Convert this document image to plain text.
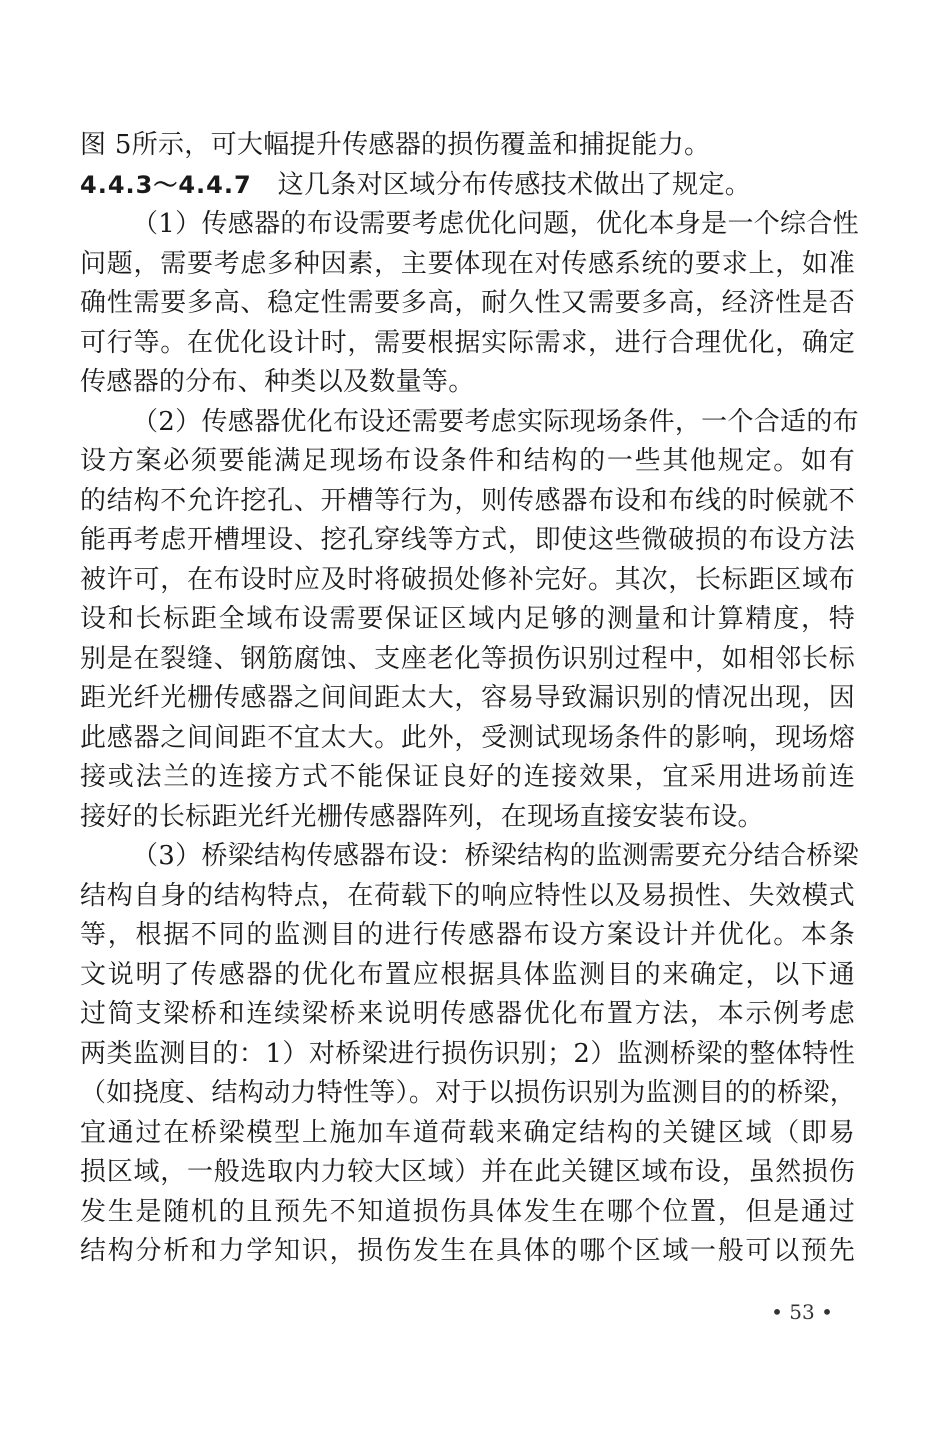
图 5所示，可大幅提升传感器的损伤覆盖和捕捉能力。
4.4.3～4.4.7 这几条对区域分布传感技术做出了规定。
（1）传感器的布设需要考虑优化问题，优化本身是一个综合性
问题，需要考虑多种因素，主要体现在对传感系统的要求上，如准
确性需要多高、稳定性需要多高，耐久性又需要多高，经济性是否
可行等。在优化设计时，需要根据实际需求，进行合理优化，确定
传感器的分布、种类以及数量等。
（2）传感器优化布设还需要考虑实际现场条件，一个合适的布
设方案必须要能满足现场布设条件和结构的一些其他规定。如有
的结构不允许挖孔、开槽等行为，则传感器布设和布线的时候就不
能再考虑开槽埋设、挖孔穿线等方式，即使这些微破损的布设方法
被许可，在布设时应及时将破损处修补完好。其次，长标距区域布
设和长标距全域布设需要保证区域内足够的测量和计算精度，特
别是在裂缝、钢筋腐蚀、支座老化等损伤识别过程中，如相邻长标
距光纤光栅传感器之间间距太大，容易导致漏识别的情况出现，因
此感器之间间距不宜太大。此外，受测试现场条件的影响，现场熔
接或法兰的连接方式不能保证良好的连接效果，宜采用进场前连
接好的长标距光纤光栅传感器阵列，在现场直接安装布设。
（3）桥梁结构传感器布设：桥梁结构的监测需要充分结合桥梁
结构自身的结构特点，在荷载下的响应特性以及易损性、失效模式
等，根据不同的监测目的进行传感器布设方案设计并优化。本条
文说明了传感器的优化布置应根据具体监测目的来确定，以下通
过简支梁桥和连续梁桥来说明传感器优化布置方法，本示例考虑
两类监测目的：1）对桥梁进行损伤识别；2）监测桥梁的整体特性
（如挠度、结构动力特性等）。对于以损伤识别为监测目的的桥梁，
宜通过在桥梁模型上施加车道荷载来确定结构的关键区域（即易
损区域，一般选取内力较大区域）并在此关键区域布设，虽然损伤
发生是随机的且预先不知道损伤具体发生在哪个位置，但是通过
结构分析和力学知识，损伤发生在具体的哪个区域一般可以预先
• 53 •
